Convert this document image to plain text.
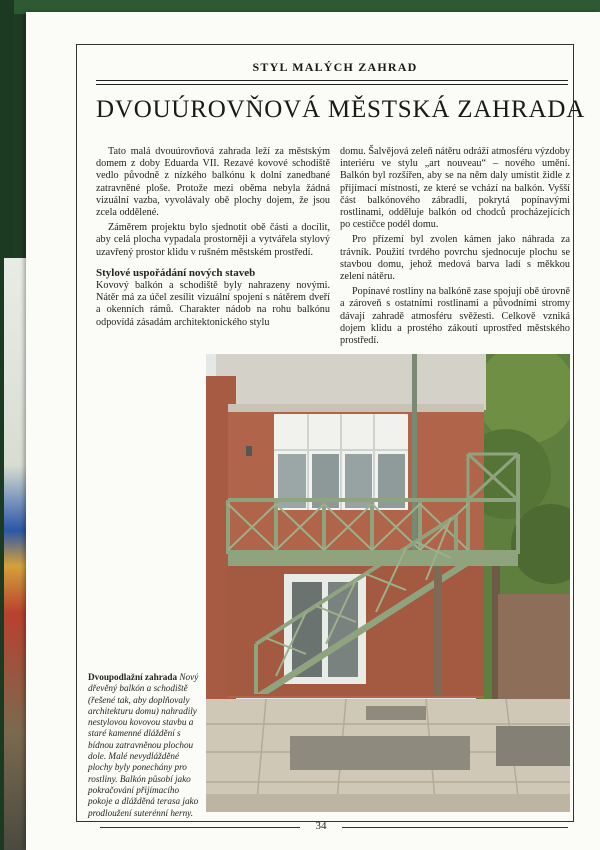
STYL MALÝCH ZAHRAD
DVOUÚROVŇOVÁ MĚSTSKÁ ZAHRADA

Tato malá dvouúrovňová zahrada leží za městským domem z doby Eduarda VII. Rezavé kovové schodiště vedlo původně z nízkého balkónu k dolní zanedbané zatravněné ploše. Protože mezi oběma nebyla žádná vizuální vazba, vyvolávaly obě plochy dojem, že jsou zcela oddělené.

Záměrem projektu bylo sjednotit obě části a docílit, aby celá plocha vypadala prostorněji a vytvářela stylový uzavřený prostor klidu v rušném městském prostředí.

Stylové uspořádání nových staveb

Kovový balkón a schodiště byly nahrazeny novými. Nátěr má za účel zesílit vizuální spojení s nátěrem dveří a okenních rámů. Charakter nádob na rohu balkónu odpovídá zásadám architektonického stylu

domu. Šalvějová zeleň nátěru odráží atmosféru výzdoby interiéru ve stylu „art nouveau“ – nového umění. Balkón byl rozšířen, aby se na něm daly umístit židle z přijímací místnosti, ze které se vchází na balkón. Vyšší část balkónového zábradlí, pokrytá popínavými rostlinami, odděluje balkón od chodců procházejících po cestičce podél domu.

Pro přízemí byl zvolen kámen jako náhrada za trávník. Použití tvrdého povrchu sjednocuje plochu se stavbou domu, jehož medová barva ladí s měkkou zelení nátěru.

Popínavé rostliny na balkóně zase spojují obě úrovně a zároveň s ostatními rostlinami a původními stromy dávají zahradě atmosféru svěžesti. Celkově vzniká dojem klidu a prostého zákoutí uprostřed městského prostředí.

Dvoupodlažní zahrada Nový dřevěný balkón a schodiště (řešené tak, aby doplňovaly architekturu domu) nahradily nestylovou kovovou stavbu a staré kamenné dláždění s bídnou zatravněnou plochou dole. Malé nevydlážděné plochy byly ponechány pro rostliny. Balkón působí jako pokračování přijímacího pokoje a dlážděná terasa jako prodloužení suterénní herny.
34
